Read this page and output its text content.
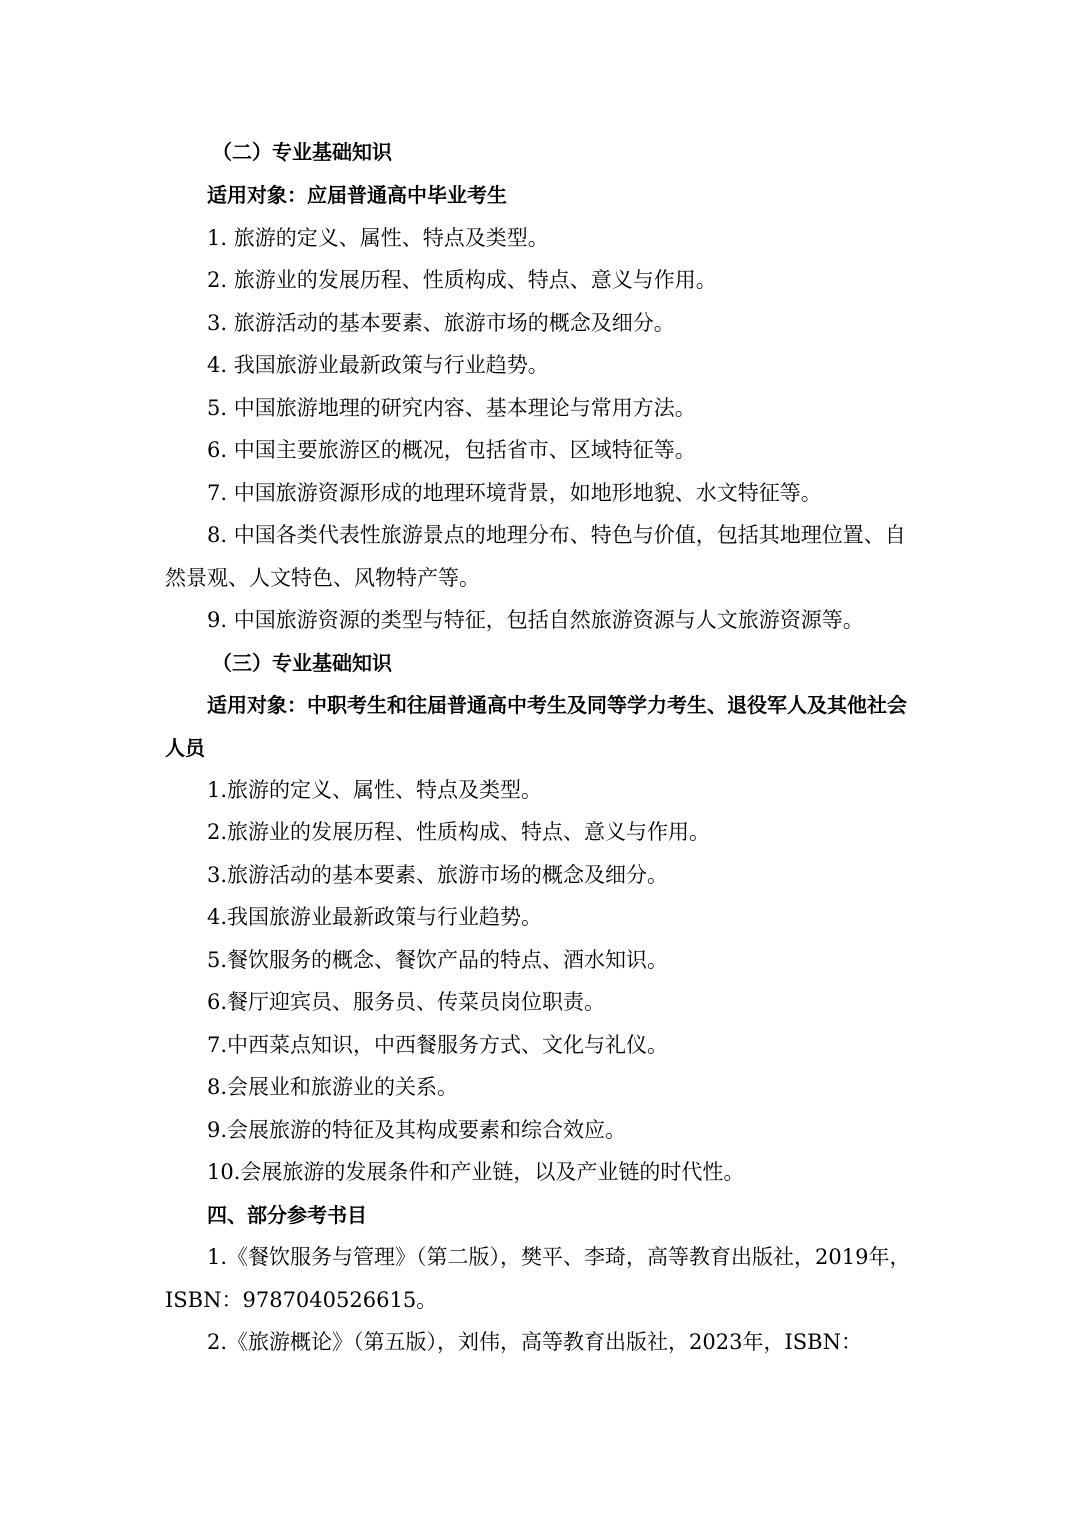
（二）专业基础知识
适用对象：应届普通高中毕业考生
1. 旅游的定义、属性、特点及类型。
2. 旅游业的发展历程、性质构成、特点、意义与作用。
3. 旅游活动的基本要素、旅游市场的概念及细分。
4. 我国旅游业最新政策与行业趋势。
5. 中国旅游地理的研究内容、基本理论与常用方法。
6. 中国主要旅游区的概况，包括省市、区域特征等。
7. 中国旅游资源形成的地理环境背景，如地形地貌、水文特征等。
8. 中国各类代表性旅游景点的地理分布、特色与价值，包括其地理位置、自然景观、人文特色、风物特产等。
9. 中国旅游资源的类型与特征，包括自然旅游资源与人文旅游资源等。
（三）专业基础知识
适用对象：中职考生和往届普通高中考生及同等学力考生、退役军人及其他社会人员
1.旅游的定义、属性、特点及类型。
2.旅游业的发展历程、性质构成、特点、意义与作用。
3.旅游活动的基本要素、旅游市场的概念及细分。
4.我国旅游业最新政策与行业趋势。
5.餐饮服务的概念、餐饮产品的特点、酒水知识。
6.餐厅迎宾员、服务员、传菜员岗位职责。
7.中西菜点知识，中西餐服务方式、文化与礼仪。
8.会展业和旅游业的关系。
9.会展旅游的特征及其构成要素和综合效应。
10.会展旅游的发展条件和产业链，以及产业链的时代性。
四、部分参考书目
1.《餐饮服务与管理》（第二版），樊平、李琦，高等教育出版社，2019年，ISBN：9787040526615。
2.《旅游概论》（第五版），刘伟，高等教育出版社，2023年，ISBN：
